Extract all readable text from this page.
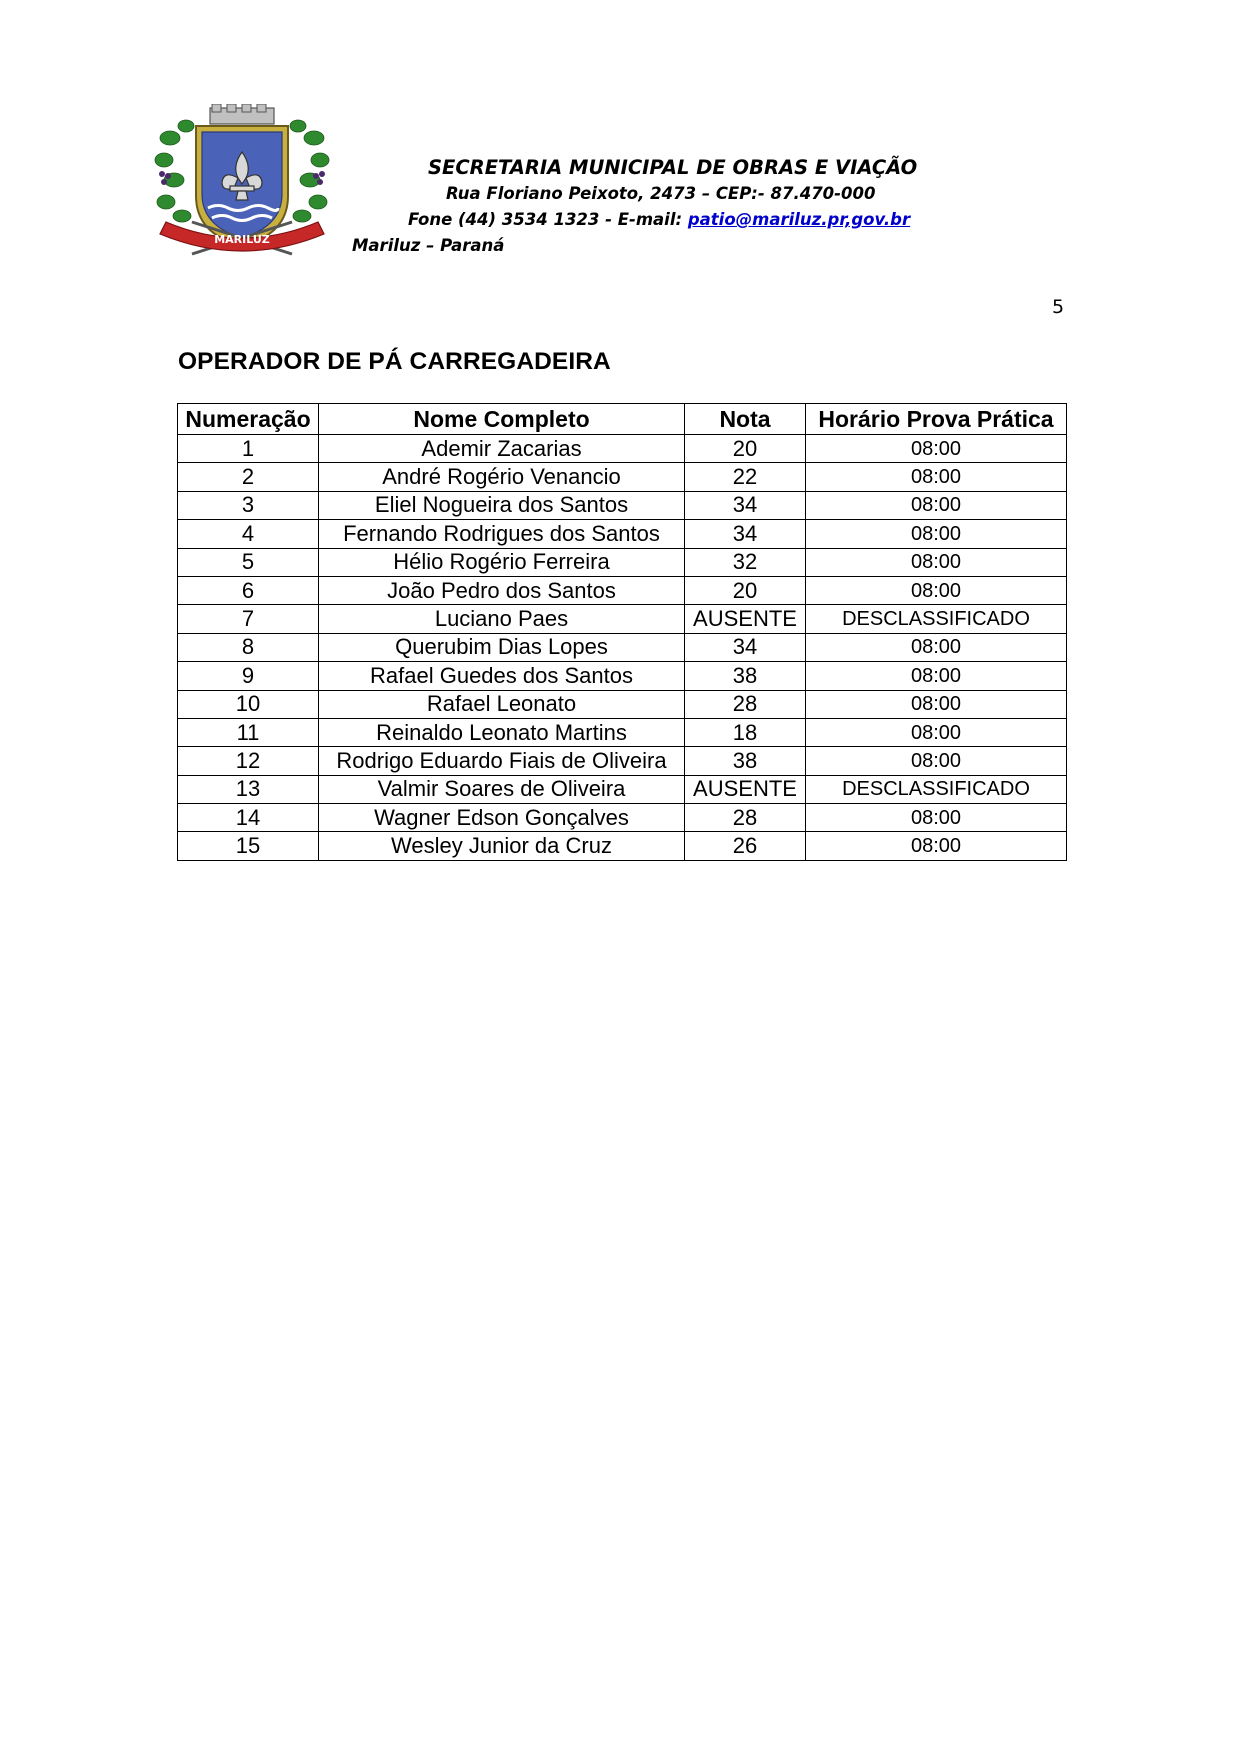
MARILUZ
SECRETARIA MUNICIPAL DE OBRAS E VIAÇÃO
Rua Floriano Peixoto, 2473 – CEP:- 87.470-000
Fone (44) 3534 1323 - E-mail: patio@mariluz.pr,gov.br
Mariluz – Paraná
5
OPERADOR DE PÁ CARREGADEIRA
Numeração	Nome Completo	Nota	Horário Prova Prática
1	Ademir Zacarias	20	08:00
2	André Rogério Venancio	22	08:00
3	Eliel Nogueira dos Santos	34	08:00
4	Fernando Rodrigues dos Santos	34	08:00
5	Hélio Rogério Ferreira	32	08:00
6	João Pedro dos Santos	20	08:00
7	Luciano Paes	AUSENTE	DESCLASSIFICADO
8	Querubim Dias Lopes	34	08:00
9	Rafael Guedes dos Santos	38	08:00
10	Rafael Leonato	28	08:00
11	Reinaldo Leonato Martins	18	08:00
12	Rodrigo Eduardo Fiais de Oliveira	38	08:00
13	Valmir Soares de Oliveira	AUSENTE	DESCLASSIFICADO
14	Wagner Edson Gonçalves	28	08:00
15	Wesley Junior da Cruz	26	08:00
